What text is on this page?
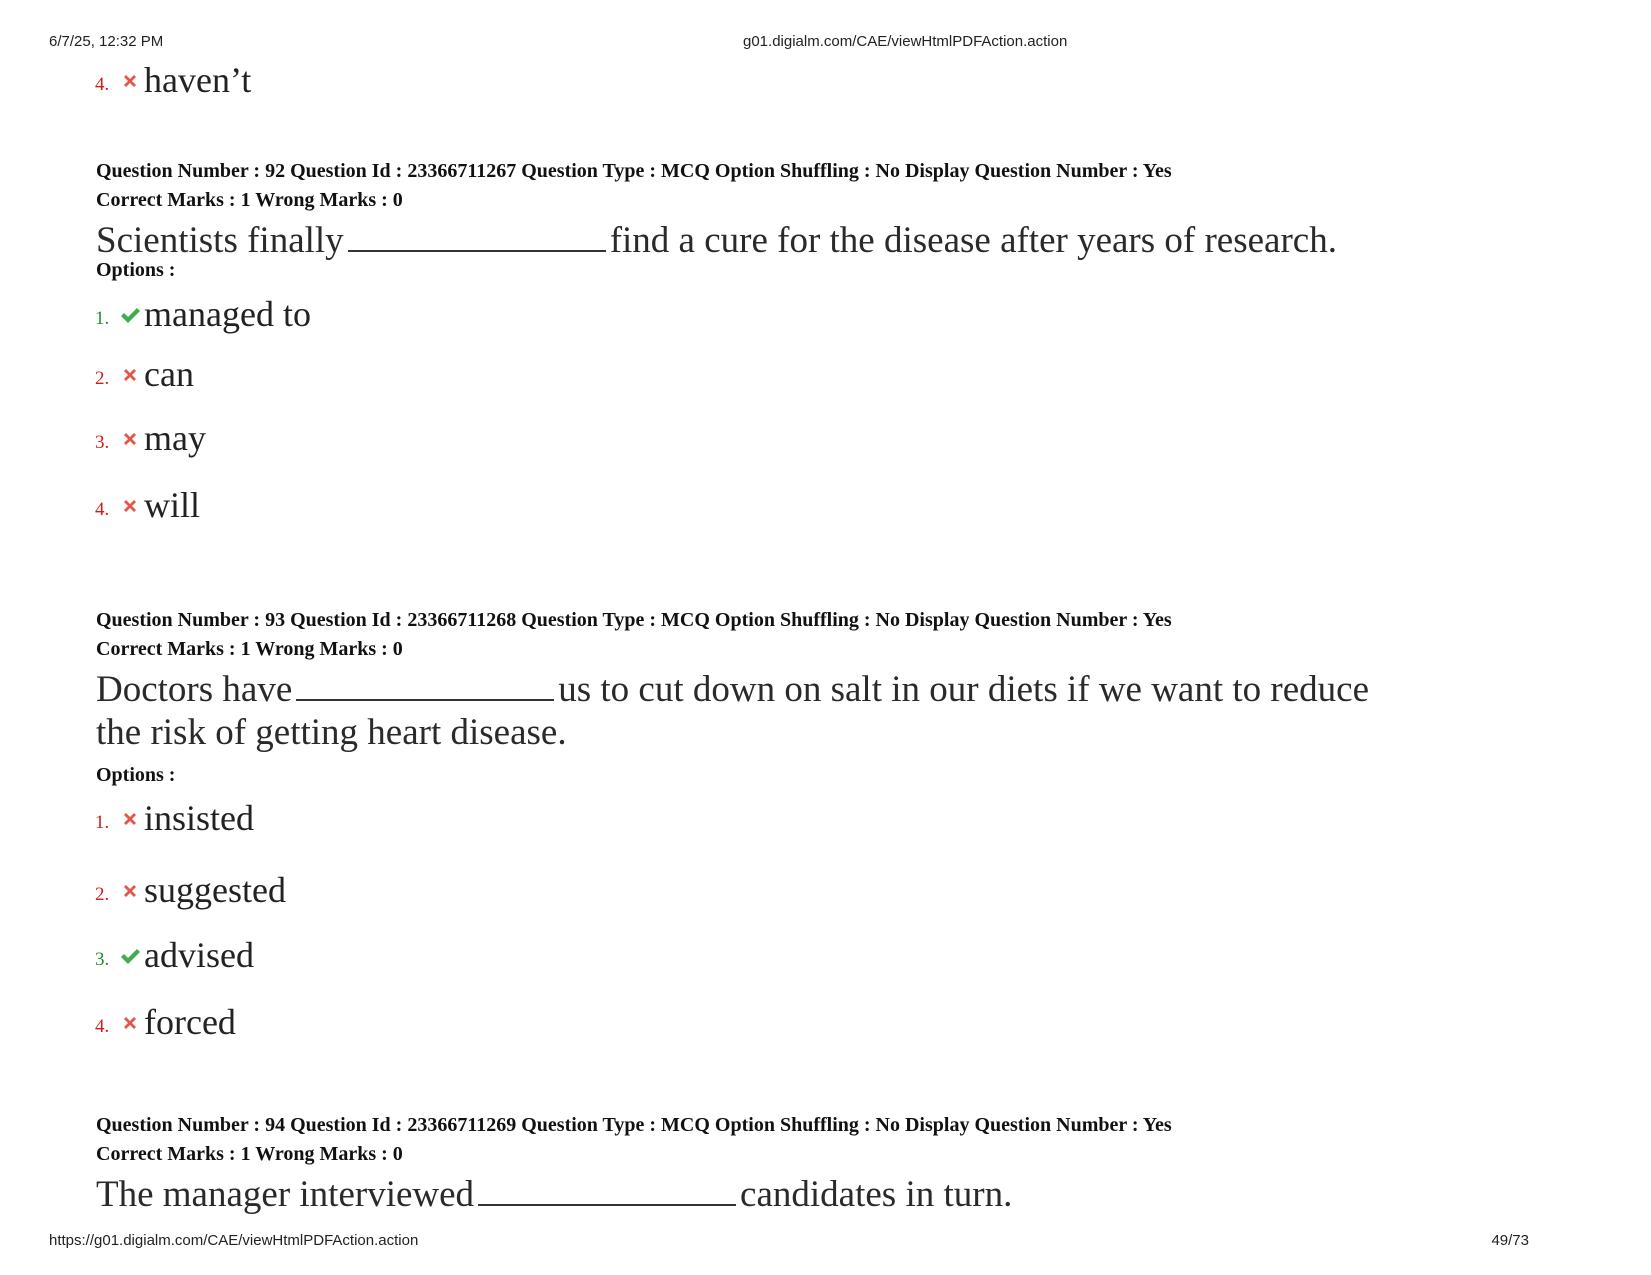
6/7/25, 12:32 PM	g01.digialm.com/CAE/viewHtmlPDFAction.action
4. haven’t
Question Number : 92 Question Id : 23366711267 Question Type : MCQ Option Shuffling : No Display Question Number : Yes
Correct Marks : 1 Wrong Marks : 0
Scientists finally	find a cure for the disease after years of research.
Options :
1. managed to
2. can
3. may
4. will
Question Number : 93 Question Id : 23366711268 Question Type : MCQ Option Shuffling : No Display Question Number : Yes
Correct Marks : 1 Wrong Marks : 0
Doctors have	us to cut down on salt in our diets if we want to reduce
the risk of getting heart disease.
Options :
1. insisted
2. suggested
3. advised
4. forced
Question Number : 94 Question Id : 23366711269 Question Type : MCQ Option Shuffling : No Display Question Number : Yes
Correct Marks : 1 Wrong Marks : 0
The manager interviewed	candidates in turn.
https://g01.digialm.com/CAE/viewHtmlPDFAction.action	49/73
